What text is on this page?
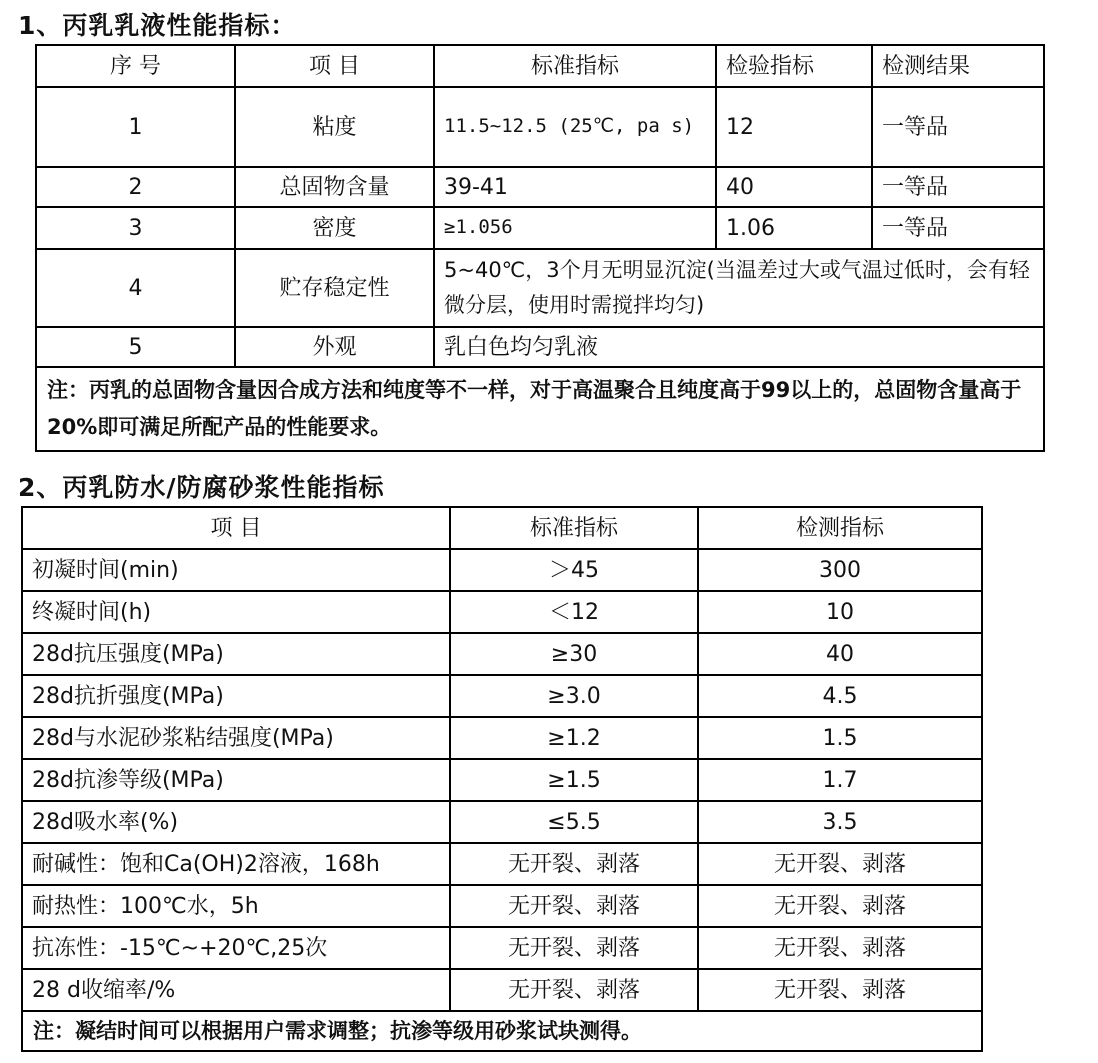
1、丙乳乳液性能指标：
序 号	项 目	标准指标	检验指标	检测结果
1	粘度	11.5~12.5 (25℃, pa s)	12	一等品
2	总固物含量	39-41	40	一等品
3	密度	≥1.056	1.06	一等品
4	贮存稳定性	5~40℃，3个月无明显沉淀(当温差过大或气温过低时，会有轻微分层，使用时需搅拌均匀)		
5	外观	乳白色均匀乳液		
注：丙乳的总固物含量因合成方法和纯度等不一样，对于高温聚合且纯度高于99以上的，总固物含量高于20%即可满足所配产品的性能要求。				
2、丙乳防水/防腐砂浆性能指标
项 目	标准指标	检测指标
初凝时间(min)	＞45	300
终凝时间(h)	＜12	10
28d抗压强度(MPa)	≥30	40
28d抗折强度(MPa)	≥3.0	4.5
28d与水泥砂浆粘结强度(MPa)	≥1.2	1.5
28d抗渗等级(MPa)	≥1.5	1.7
28d吸水率(%)	≤5.5	3.5
耐碱性：饱和Ca(OH)2溶液，168h	无开裂、剥落	无开裂、剥落
耐热性：100℃水，5h	无开裂、剥落	无开裂、剥落
抗冻性：-15℃~+20℃,25次	无开裂、剥落	无开裂、剥落
28 d收缩率/%	无开裂、剥落	无开裂、剥落
注：凝结时间可以根据用户需求调整；抗渗等级用砂浆试块测得。		
